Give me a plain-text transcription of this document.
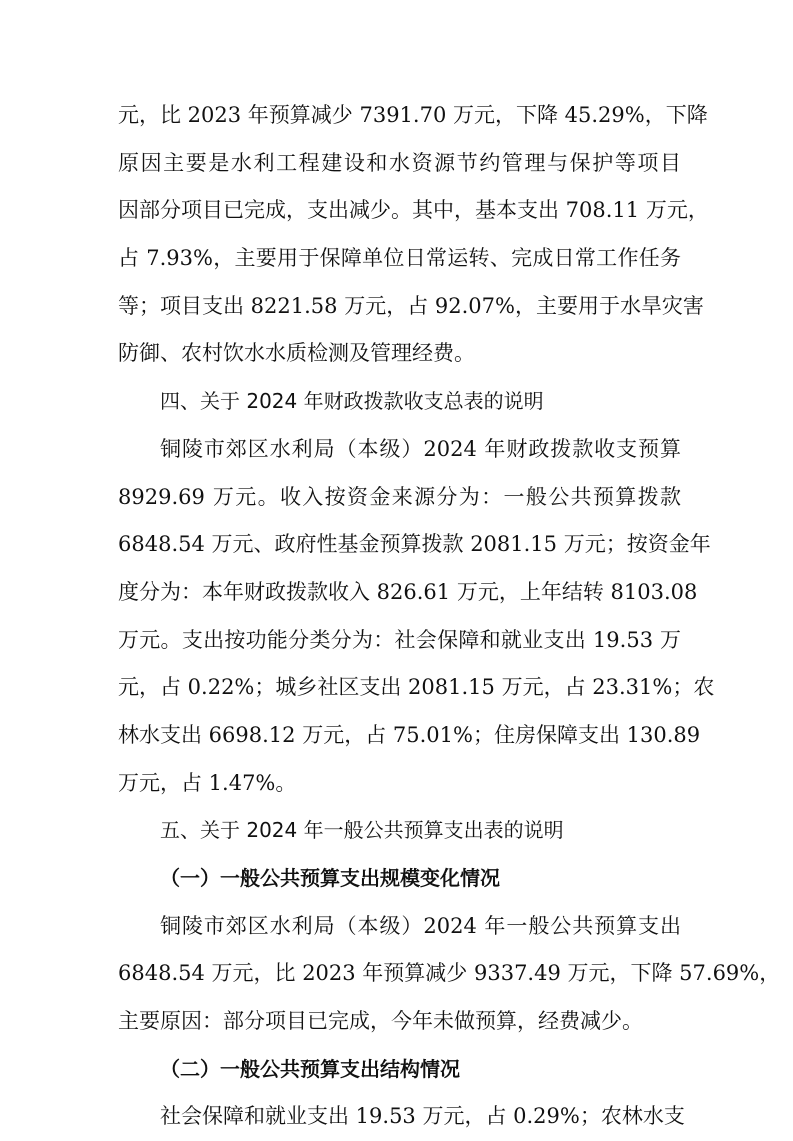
元，比 2023 年预算减少 7391.70 万元，下降 45.29%，下降
原因主要是水利工程建设和水资源节约管理与保护等项目
因部分项目已完成，支出减少。其中，基本支出 708.11 万元，
占 7.93%，主要用于保障单位日常运转、完成日常工作任务
等；项目支出 8221.58 万元，占 92.07%，主要用于水旱灾害
防御、农村饮水水质检测及管理经费。
四、关于 2024 年财政拨款收支总表的说明
铜陵市郊区水利局（本级）2024 年财政拨款收支预算
8929.69 万元。收入按资金来源分为：一般公共预算拨款
6848.54 万元、政府性基金预算拨款 2081.15 万元；按资金年
度分为：本年财政拨款收入 826.61 万元，上年结转 8103.08
万元。支出按功能分类分为：社会保障和就业支出 19.53 万
元，占 0.22%；城乡社区支出 2081.15 万元，占 23.31%；农
林水支出 6698.12 万元，占 75.01%；住房保障支出 130.89
万元，占 1.47%。
五、关于 2024 年一般公共预算支出表的说明
（一）一般公共预算支出规模变化情况
铜陵市郊区水利局（本级）2024 年一般公共预算支出
6848.54 万元，比 2023 年预算减少 9337.49 万元，下降 57.69%，
主要原因：部分项目已完成，今年未做预算，经费减少。
（二）一般公共预算支出结构情况
社会保障和就业支出 19.53 万元，占 0.29%；农林水支
